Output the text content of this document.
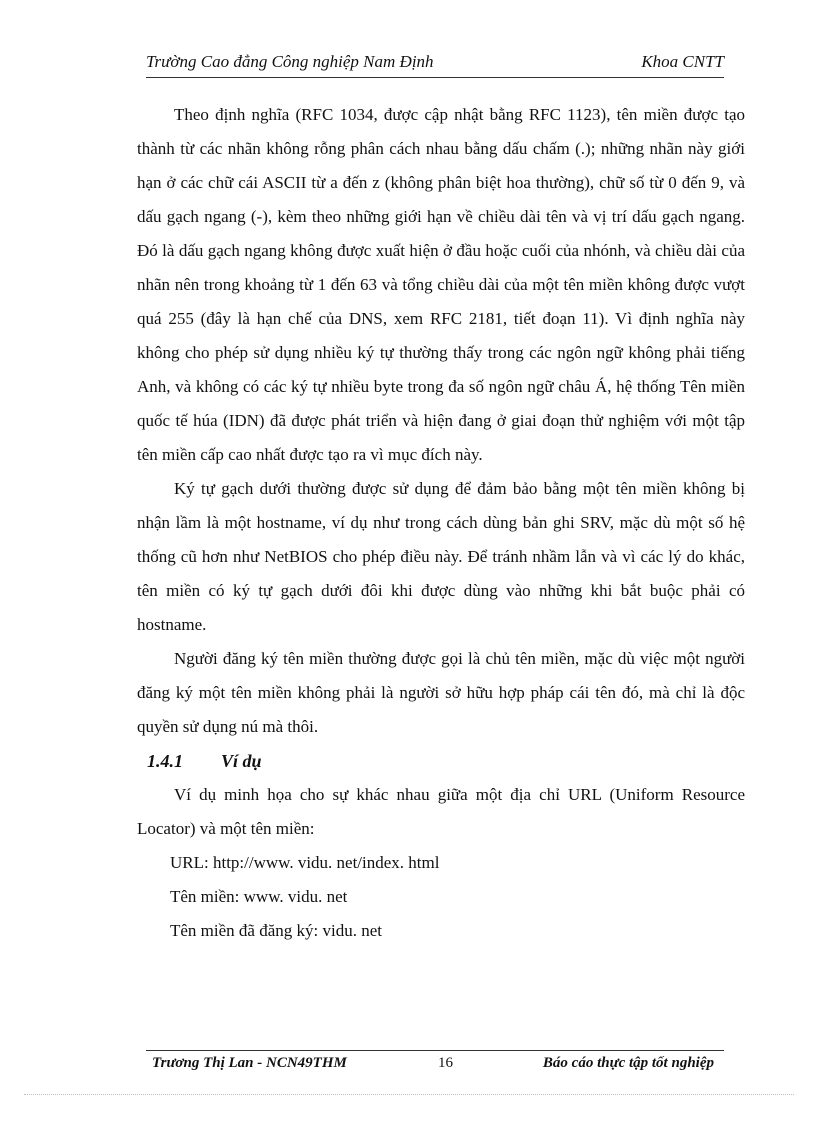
Trường Cao đẳng Công nghiệp Nam Định	Khoa CNTT

Theo định nghĩa (RFC 1034, được cập nhật bằng RFC 1123), tên miền được tạo thành từ các nhãn không rỗng phân cách nhau bằng dấu chấm (.); những nhãn này giới hạn ở các chữ cái ASCII từ a đến z (không phân biệt hoa thường), chữ số từ 0 đến 9, và dấu gạch ngang (-), kèm theo những giới hạn về chiều dài tên và vị trí dấu gạch ngang. Đó là dấu gạch ngang không được xuất hiện ở đầu hoặc cuối của nhónh, và chiều dài của nhãn nên trong khoảng từ 1 đến 63 và tổng chiều dài của một tên miền không được vượt quá 255 (đây là hạn chế của DNS, xem RFC 2181, tiết đoạn 11). Vì định nghĩa này không cho phép sử dụng nhiều ký tự thường thấy trong các ngôn ngữ không phải tiếng Anh, và không có các ký tự nhiều byte trong đa số ngôn ngữ châu Á, hệ thống Tên miền quốc tế húa (IDN) đã được phát triển và hiện đang ở giai đoạn thử nghiệm với một tập tên miền cấp cao nhất được tạo ra vì mục đích này.

Ký tự gạch dưới thường được sử dụng để đảm bảo bằng một tên miền không bị nhận lầm là một hostname, ví dụ như trong cách dùng bản ghi SRV, mặc dù một số hệ thống cũ hơn như NetBIOS cho phép điều này. Để tránh nhầm lẫn và vì các lý do khác, tên miền có ký tự gạch dưới đôi khi được dùng vào những khi bắt buộc phải có hostname.

Người đăng ký tên miền thường được gọi là chủ tên miền, mặc dù việc một người đăng ký một tên miền không phải là người sở hữu hợp pháp cái tên đó, mà chỉ là độc quyền sử dụng nú mà thôi.

1.4.1	Ví dụ

Ví dụ minh họa cho sự khác nhau giữa một địa chỉ URL (Uniform Resource Locator) và một tên miền:

URL: http://www. vidu. net/index. html
Tên miền: www. vidu. net
Tên miền đã đăng ký: vidu. net
Trương Thị Lan - NCN49THM	16	Báo cáo thực tập tốt nghiệp
